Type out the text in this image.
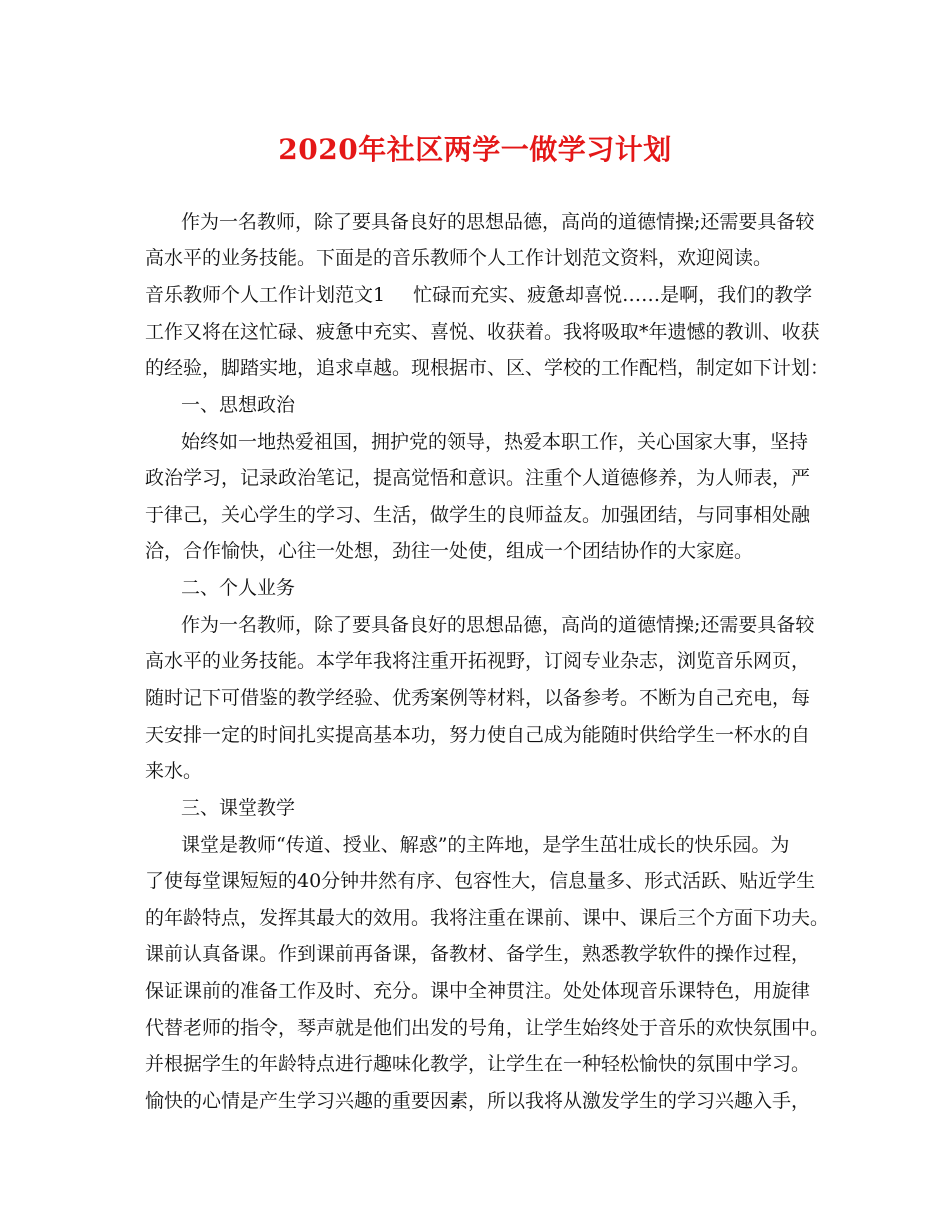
2020年社区两学一做学习计划
作为一名教师，除了要具备良好的思想品德，高尚的道德情操;还需要具备较
高水平的业务技能。下面是的音乐教师个人工作计划范文资料，欢迎阅读。
音乐教师个人工作计划范文1 忙碌而充实、疲惫却喜悦……是啊，我们的教学
工作又将在这忙碌、疲惫中充实、喜悦、收获着。我将吸取*年遗憾的教训、收获
的经验，脚踏实地，追求卓越。现根据市、区、学校的工作配档，制定如下计划：
一、思想政治
始终如一地热爱祖国，拥护党的领导，热爱本职工作，关心国家大事，坚持
政治学习，记录政治笔记，提高觉悟和意识。注重个人道德修养，为人师表，严
于律己，关心学生的学习、生活，做学生的良师益友。加强团结，与同事相处融
洽，合作愉快，心往一处想，劲往一处使，组成一个团结协作的大家庭。
二、个人业务
作为一名教师，除了要具备良好的思想品德，高尚的道德情操;还需要具备较
高水平的业务技能。本学年我将注重开拓视野，订阅专业杂志，浏览音乐网页，
随时记下可借鉴的教学经验、优秀案例等材料，以备参考。不断为自己充电，每
天安排一定的时间扎实提高基本功，努力使自己成为能随时供给学生一杯水的自
来水。
三、课堂教学
课堂是教师“传道、授业、解惑”的主阵地，是学生茁壮成长的快乐园。为
了使每堂课短短的40分钟井然有序、包容性大，信息量多、形式活跃、贴近学生
的年龄特点，发挥其最大的效用。我将注重在课前、课中、课后三个方面下功夫。
课前认真备课。作到课前再备课，备教材、备学生，熟悉教学软件的操作过程，
保证课前的准备工作及时、充分。课中全神贯注。处处体现音乐课特色，用旋律
代替老师的指令，琴声就是他们出发的号角，让学生始终处于音乐的欢快氛围中。
并根据学生的年龄特点进行趣味化教学，让学生在一种轻松愉快的氛围中学习。
愉快的心情是产生学习兴趣的重要因素，所以我将从激发学生的学习兴趣入手，
